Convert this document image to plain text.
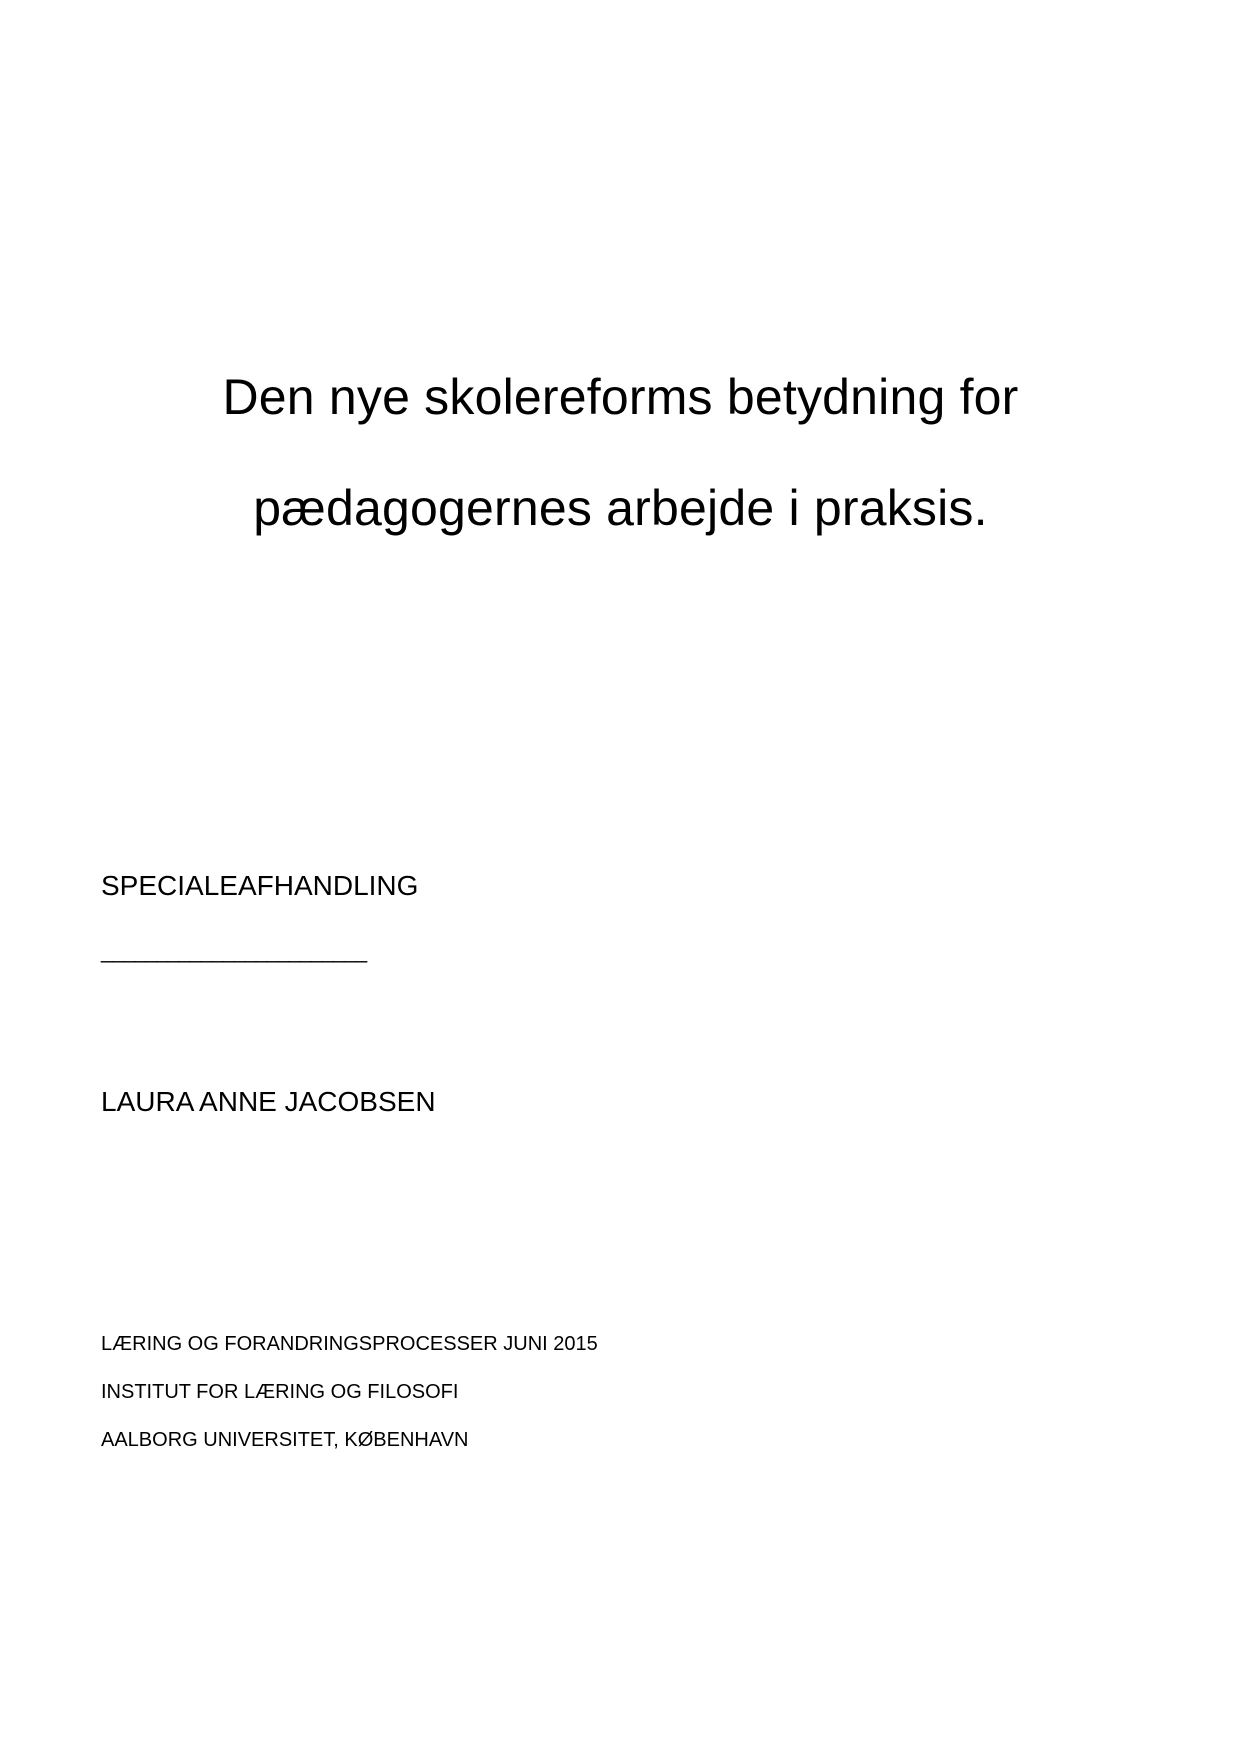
Den nye skolereforms betydning for
pædagogernes arbejde i praksis.
SPECIALEAFHANDLING
________________________
LAURA ANNE JACOBSEN
LÆRING OG FORANDRINGSPROCESSER JUNI 2015
INSTITUT FOR LÆRING OG FILOSOFI
AALBORG UNIVERSITET, KØBENHAVN
